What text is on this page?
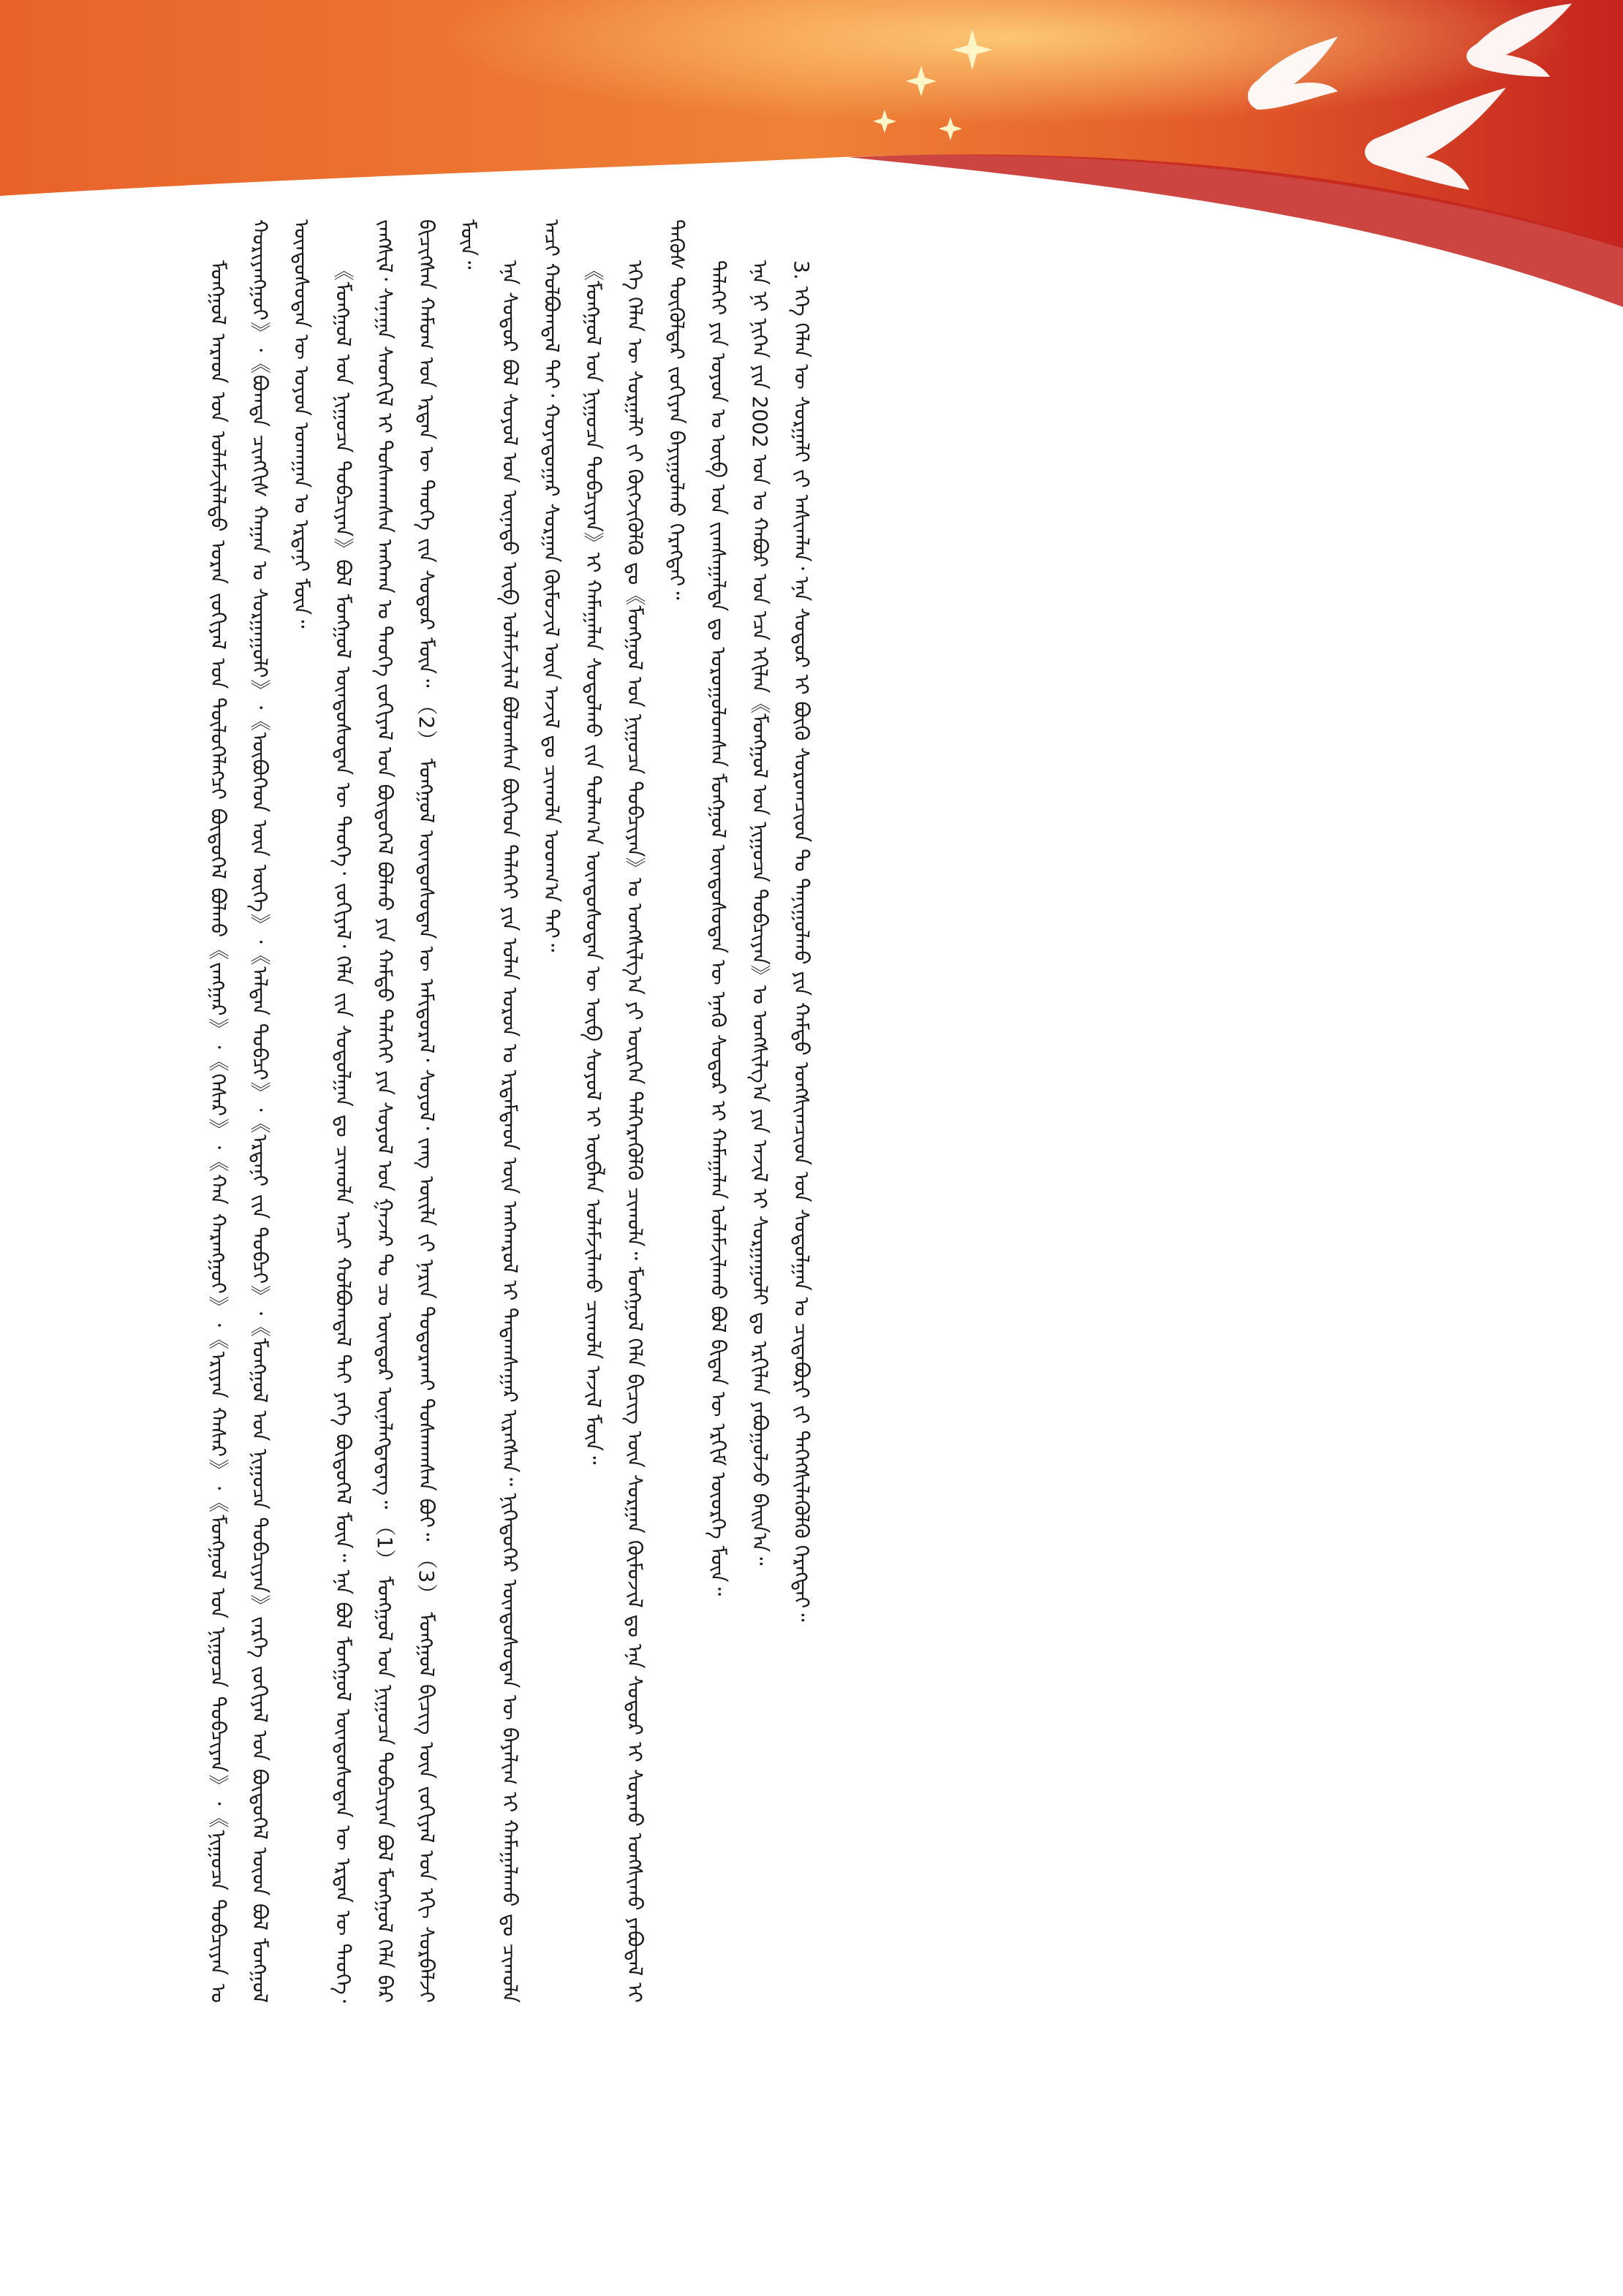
ᠮᠣᠩᠭᠣᠯ ᠠᠷᠠᠳ ᠤᠨ ᠤᠯᠠᠮᠵᠢᠯᠠᠯᠲᠤ ᠤᠷᠠᠨ ᠵᠣᠬᠢᠶᠠᠯ ᠤᠨ ᠲᠥᠯᠦᠭᠡᠯᠡᠭᠴᠢ ᠪᠦᠲᠦᠭᠡᠯ ᠪᠣᠯᠬᠤ《ᠵᠠᠩᠭᠠᠷ》᠂《ᠭᠡᠰᠡᠷ》᠂《ᠬᠠᠨ ᠬᠠᠷᠠᠩᠭᠤᠢ》᠂《ᠡᠷᠢᠶᠡᠨ ᠬᠠᠰᠠᠷ》᠂《ᠮᠣᠩᠭᠣᠯ ᠤᠨ ᠨᠢᠭᠤᠴᠠ ᠲᠣᠪᠴᠢᠶᠠᠨ》᠂《ᠨᠢᠭᠤᠴᠠ ᠲᠣᠪᠴᠢᠶᠠᠨ ᠤ ᠬᠣᠷᠢᠶᠠᠩᠭᠤᠢ》᠂《ᠪᠣᠭᠳᠠ ᠴᠢᠩᠭᠢᠰ ᠬᠠᠭᠠᠨ ᠤ ᠰᠤᠷᠭᠠᠭᠤᠯᠢ》᠂《ᠥᠪᠦᠭᠡᠳ ᠦᠨ ᠦᠭᠡ》᠂《ᠠᠯᠲᠠᠨ ᠲᠣᠪᠴᠢ》᠂《ᠡᠷᠳᠡᠨᠢ ᠵᠢᠨ ᠲᠣᠪᠴᠢ》᠂《ᠮᠣᠩᠭᠣᠯ ᠤᠨ ᠨᠢᠭᠤᠴᠠ ᠲᠣᠪᠴᠢᠶᠠᠨ》ᠵᠡᠷᠭᠡ ᠵᠣᠬᠢᠶᠠᠯ ᠤᠨ ᠪᠦᠲᠦᠭᠡᠯ ᠦᠳ ᠪᠣᠯ ᠮᠣᠩᠭᠣᠯ ᠦᠨᠳᠦᠰᠦᠲᠡᠨ ᠦ ᠣᠶᠤᠨ ᠤᠬᠠᠭᠠᠨ ᠤ ᠡᠷᠳᠡᠨᠢ ᠮᠥᠨ᠃ 《ᠮᠣᠩᠭᠣᠯ ᠤᠨ ᠨᠢᠭᠤᠴᠠ ᠲᠣᠪᠴᠢᠶᠠᠨ》ᠪᠣᠯ ᠮᠣᠩᠭᠣᠯ ᠦᠨᠳᠦᠰᠦᠲᠡᠨ ᠦ ᠲᠡᠦᠬᠡ᠂ ᠵᠣᠬᠢᠶᠠᠯ᠂ ᠬᠡᠯᠡ ᠵᠢᠨ ᠰᠤᠳᠤᠯᠭᠠᠨ ᠳᠤ ᠴᠢᠬᠤᠯᠠ ᠠᠴᠢ ᠬᠣᠯᠪᠣᠭᠳᠠᠯ ᠲᠠᠢ ᠶᠡᠬᠡ ᠪᠦᠲᠦᠭᠡᠯ ᠮᠥᠨ᠃ ᠡᠨᠡ ᠪᠣᠯ ᠮᠣᠩᠭᠣᠯ ᠦᠨᠳᠦᠰᠦᠲᠡᠨ ᠦ ᠡᠷᠲᠡᠨ ᠦ ᠲᠡᠦᠬᠡ᠂ ᠵᠠᠩᠱᠢᠯ᠂ ᠰᠠᠨᠠᠭᠠ ᠰᠡᠳᠬᠢᠯ ᠢ ᠲᠤᠰᠬᠠᠭᠰᠠᠨ ᠠᠩᠬᠠᠨ ᠤ ᠲᠡᠦᠬᠡ ᠵᠣᠬᠢᠶᠠᠯ ᠤᠨ ᠪᠦᠲᠦᠭᠡᠯ ᠪᠣᠯᠬᠤ ᠶᠢᠨ ᠬᠠᠮᠲᠤ ᠳᠡᠯᠡᠬᠡᠢ ᠶᠢᠨ ᠰᠣᠶᠣᠯ ᠤᠨ ᠭᠠᠵᠠᠷ ᠲᠤ ᠴᠤ ᠥᠨᠳᠦᠷ ᠦᠨᠡᠯᠡᠭᠳᠡᠳᠡᠭ᠃ （1） ᠮᠣᠩᠭᠣᠯ ᠤᠨ ᠨᠢᠭᠤᠴᠠ ᠲᠣᠪᠴᠢᠶᠠᠨ ᠪᠣᠯ ᠮᠣᠩᠭᠣᠯ ᠬᠡᠯᠡ ᠪᠡᠷ ᠪᠢᠴᠢᠭᠰᠡᠨ ᠬᠠᠮᠤᠭ ᠤᠨ ᠡᠷᠲᠡᠨ ᠦ ᠲᠡᠦᠬᠡ ᠵᠢᠨ ᠰᠤᠳᠤᠷ ᠮᠥᠨ᠃ （2） ᠮᠣᠩᠭᠣᠯ ᠦᠨᠳᠦᠰᠦᠲᠡᠨ ᠦ ᠠᠮᠢᠳᠤᠷᠠᠯ᠂ ᠰᠤᠶᠤᠯ᠂ ᠵᠠᠩ ᠦᠢᠯᠡ ᠵᠢ ᠨᠠᠷᠢᠨ ᠲᠣᠳᠣᠷᠬᠠᠶ ᠲᠤᠰᠬᠠᠭᠰᠠᠨ ᠪᠤᠢ᠃ （3） ᠮᠣᠩᠭᠣᠯ ᠪᠢᠴᠢᠭ ᠦᠨ ᠵᠣᠬᠢᠶᠠᠯ ᠤᠨ ᠡᠬᠢ ᠰᠤᠷᠪᠠᠯᠵᠢ ᠮᠥᠨ᠃

ᠡᠨᠡ ᠰᠤᠳᠤᠷ ᠪᠣᠯ ᠰᠣᠶᠣᠯ ᠤᠨ ᠦᠨᠡᠲᠦ ᠥᠪ ᠤᠯᠠᠮᠵᠢᠯᠠᠯ ᠪᠣᠯᠤᠭᠰᠠᠨ ᠪᠥᠭᠡᠳ ᠳᠡᠯᠡᠬᠡᠢ ᠶᠢᠨ ᠣᠯᠠᠨ ᠣᠷᠣᠨ ᠤ ᠡᠷᠳᠡᠮᠲᠡᠳ ᠦᠨ ᠠᠩᠬᠠᠷᠤᠯ ᠢ ᠲᠠᠲᠠᠭᠰᠠᠭᠠᠷ ᠢᠷᠡᠭᠰᠡᠨ᠃ ᠨᠢᠭᠡᠳᠦᠭᠡᠷ ᠦᠨᠳᠦᠰᠦᠲᠡᠨ ᠦ ᠪᠠᠶᠠᠯᠢᠭ ᠢ ᠬᠠᠮᠠᠭᠠᠯᠠᠬᠤ ᠳᠤ ᠴᠢᠬᠤᠯᠠ ᠠᠴᠢ ᠬᠣᠯᠪᠣᠭᠳᠠᠯ ᠲᠠᠢ᠂ ᠬᠣᠶᠠᠳᠤᠭᠠᠷ ᠰᠤᠷᠭᠠᠨ ᠬᠦᠮᠦᠵᠢᠯ ᠦᠨ ᠠᠵᠢᠯ ᠳᠤ ᠴᠢᠬᠤᠯᠠ ᠤᠳᠬ᠎ᠠ ᠲᠠᠢ᠃ 《ᠮᠣᠩᠭᠣᠯ ᠤᠨ ᠨᠢᠭᠤᠴᠠ ᠲᠣᠪᠴᠢᠶᠠᠨ》ᠢ ᠬᠠᠮᠠᠭᠠᠯᠠᠨ ᠰᠤᠳᠤᠯᠬᠤ ᠵᠢᠨ ᠲᠤᠯᠠᠭ᠎ᠠ ᠦᠨᠳᠦᠰᠦᠲᠡᠨ ᠦ ᠥᠪ ᠰᠣᠶᠣᠯ ᠢ ᠥᠪᠯᠡᠨ ᠤᠯᠠᠮᠵᠢᠯᠠᠬᠤ ᠴᠢᠬᠤᠯᠠ ᠠᠵᠢᠯ ᠮᠥᠨ᠃ ᠡᠬᠡ ᠬᠡᠯᠡᠨ ᠦ ᠰᠤᠷᠭᠠᠯᠢ ᠵᠢ ᠬᠥᠭᠵᠢᠭᠦᠯᠬᠦ ᠳᠤ《ᠮᠣᠩᠭᠣᠯ ᠤᠨ ᠨᠢᠭᠤᠴᠠ ᠲᠣᠪᠴᠢᠶᠠᠨ》ᠤ ᠤᠩᠰᠢᠯᠭ᠎ᠠ ᠶᠢ ᠥᠷᠭᠡᠨ ᠳᠡᠯᠭᠡᠷᠡᠭᠦᠯᠬᠦ ᠴᠢᠬᠤᠯᠠ᠃ ᠮᠣᠩᠭᠣᠯ ᠬᠡᠯᠡ ᠪᠢᠴᠢᠭ ᠦᠨ ᠰᠤᠷᠭᠠᠨ ᠬᠦᠮᠦᠵᠢᠯ ᠳᠤ ᠡᠨᠡ ᠰᠤᠳᠤᠷ ᠢ ᠰᠤᠷᠬᠤ ᠤᠩᠰᠢᠬᠤ ᠶᠠᠪᠤᠳᠠᠯ ᠢ ᠲᠡᠭᠦᠰ ᠲᠥᠭᠦᠯᠳᠡᠷ ᠵᠣᠬᠢᠶᠠᠨ ᠪᠠᠶᠢᠭᠤᠯᠬᠤ ᠬᠡᠷᠡᠭᠲᠡᠢ᠃ ᠳᠡᠯᠡᠬᠡᠢ ᠶᠢᠨ ᠣᠶᠤᠨ ᠤ ᠥᠪ ᠤᠨ ᠵᠢᠭᠰᠠᠭᠠᠯᠲᠠ ᠳᠤ ᠣᠷᠣᠭᠤᠯᠤᠭᠰᠠᠨ ᠮᠣᠩᠭᠣᠯ ᠦᠨᠳᠦᠰᠦᠲᠡᠨ ᠦ ᠡᠨᠡᠬᠦ ᠰᠤᠳᠤᠷ ᠢ ᠬᠠᠮᠠᠭᠠᠯᠠᠨ ᠤᠯᠠᠮᠵᠢᠯᠠᠬᠤ ᠪᠣᠯ ᠪᠢᠳᠡᠨ ᠦ ᠡᠷᠬᠢᠮ ᠦᠦᠷᠭᠡ ᠮᠥᠨ᠃ ᠡᠨᠡ ᠨᠢ ᠨᠢᠭᠡᠨ ᠶᠢᠨ 2002 ᠣᠨ ᠤ ᠬᠠᠪᠤᠷ ᠤᠨ ᠡᠴᠡ ᠡᠬᠢᠯᠡᠨ《ᠮᠣᠩᠭᠣᠯ ᠤᠨ ᠨᠢᠭᠤᠴᠠ ᠲᠣᠪᠴᠢᠶᠠᠨ》ᠤ ᠤᠩᠰᠢᠯᠭ᠎ᠠ ᠶᠢᠨ ᠠᠵᠢᠯ ᠢ ᠰᠤᠷᠭᠠᠭᠤᠯᠢ ᠳᠤ ᠡᠷᠬᠢᠯᠡᠨ ᠶᠠᠪᠤᠭᠤᠯᠵᠤ ᠪᠠᠢᠨ᠎ᠠ᠃ 3. ᠡᠬᠡ ᠬᠡᠯᠡᠨ ᠦ ᠰᠤᠷᠭᠠᠯᠢ ᠵᠢ ᠠᠰᠢᠭᠯᠠᠨ᠂ ᠡᠨᠡ ᠰᠤᠳᠤᠷ ᠢ ᠪᠦᠬᠦ ᠰᠤᠷᠤᠭᠴᠢᠳ ᠲᠤ ᠲᠠᠨᠢᠭᠤᠯᠬᠤ ᠶᠢᠨ ᠬᠠᠮᠲᠤ ᠤᠩᠰᠢᠭᠴᠢᠳ ᠤᠨ ᠰᠤᠳᠤᠯᠭᠠᠨ ᠤ ᠴᠢᠳᠠᠪᠤᠷᠢ ᠵᠢ ᠳᠡᠭᠡᠭᠰᠢᠯᠡᠭᠦᠯᠬᠦ ᠬᠡᠷᠡᠭᠲᠡᠢ᠃
